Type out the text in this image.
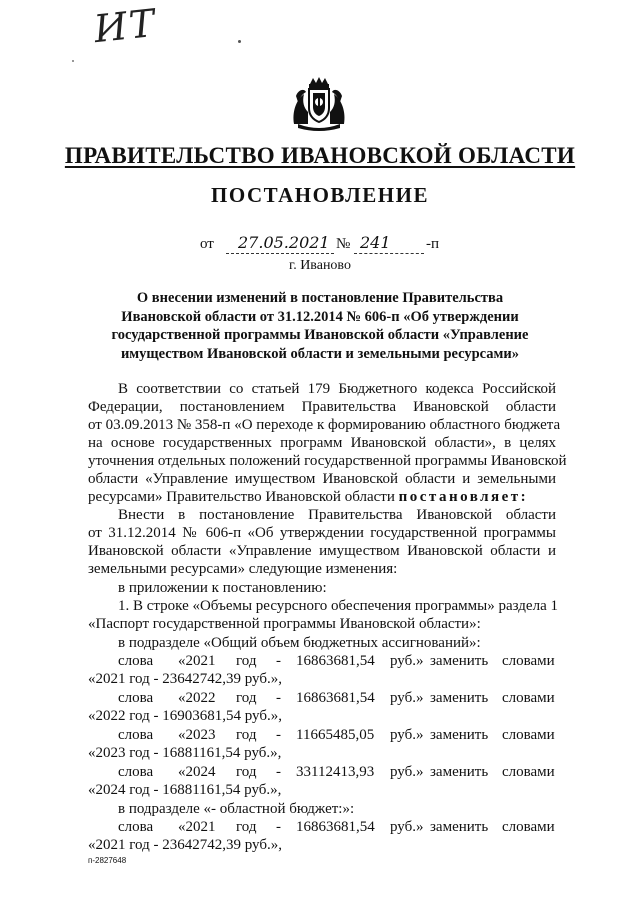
ИТ
ПРАВИТЕЛЬСТВО ИВАНОВСКОЙ ОБЛАСТИ
ПОСТАНОВЛЕНИЕ
от 27.05.2021 № 241 -п
г. Иваново
О внесении изменений в постановление Правительства
Ивановской области от 31.12.2014 № 606-п «Об утверждении
государственной программы Ивановской области «Управление
имуществом Ивановской области и земельными ресурсами»
В соответствии со статьей 179 Бюджетного кодекса Российской
Федерации, постановлением Правительства Ивановской области
от 03.09.2013 № 358-п «О переходе к формированию областного бюджета
на основе государственных программ Ивановской области», в целях
уточнения отдельных положений государственной программы Ивановской
области «Управление имуществом Ивановской области и земельными
ресурсами» Правительство Ивановской области постановляет:
Внести в постановление Правительства Ивановской области
от 31.12.2014 № 606-п «Об утверждении государственной программы
Ивановской области «Управление имуществом Ивановской области и
земельными ресурсами» следующие изменения:
в приложении к постановлению:
1. В строке «Объемы ресурсного обеспечения программы» раздела 1
«Паспорт государственной программы Ивановской области»:
в подразделе «Общий объем бюджетных ассигнований»:
слова «2021 год - 16863681,54 руб.» заменить словами
«2021 год - 23642742,39 руб.»,
слова «2022 год - 16863681,54 руб.» заменить словами
«2022 год - 16903681,54 руб.»,
слова «2023 год - 11665485,05 руб.» заменить словами
«2023 год - 16881161,54 руб.»,
слова «2024 год - 33112413,93 руб.» заменить словами
«2024 год - 16881161,54 руб.»,
в подразделе «- областной бюджет:»:
слова «2021 год - 16863681,54 руб.» заменить словами
«2021 год - 23642742,39 руб.»,
п-2827648
